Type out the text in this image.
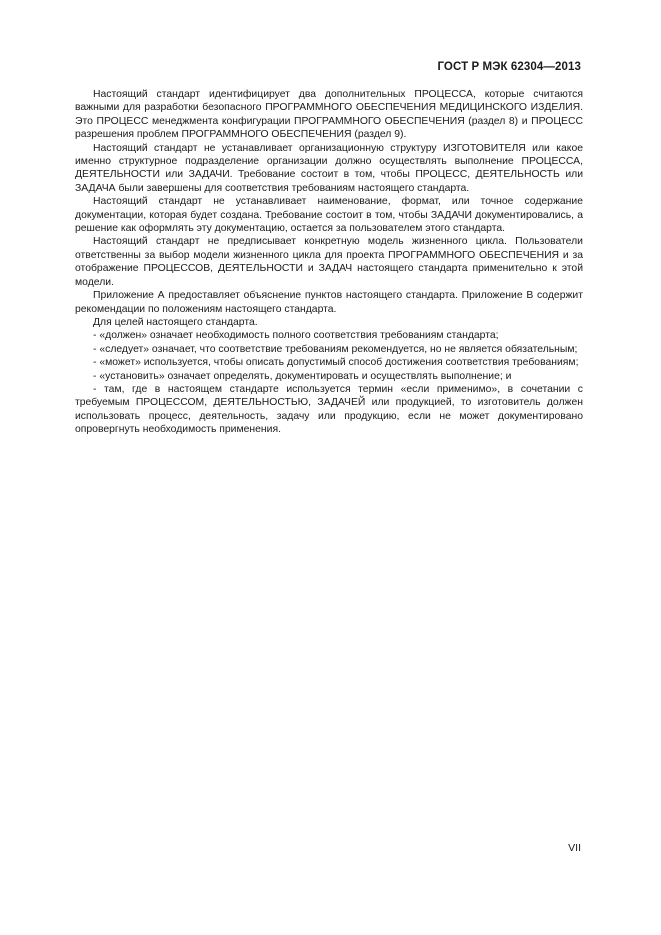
ГОСТ Р МЭК 62304—2013

Настоящий стандарт идентифицирует два дополнительных ПРОЦЕССА, которые считаются важными для разработки безопасного ПРОГРАММНОГО ОБЕСПЕЧЕНИЯ МЕДИЦИНСКОГО ИЗДЕЛИЯ. Это ПРОЦЕСС менеджмента конфигурации ПРОГРАММНОГО ОБЕСПЕЧЕНИЯ (раздел 8) и ПРОЦЕСС разрешения проблем ПРОГРАММНОГО ОБЕСПЕЧЕНИЯ (раздел 9).

Настоящий стандарт не устанавливает организационную структуру ИЗГОТОВИТЕЛЯ или какое именно структурное подразделение организации должно осуществлять выполнение ПРОЦЕССА, ДЕЯТЕЛЬНОСТИ или ЗАДАЧИ. Требование состоит в том, чтобы ПРОЦЕСС, ДЕЯТЕЛЬНОСТЬ или ЗАДАЧА были завершены для соответствия требованиям настоящего стандарта.

Настоящий стандарт не устанавливает наименование, формат, или точное содержание документации, которая будет создана. Требование состоит в том, чтобы ЗАДАЧИ документировались, а решение как оформлять эту документацию, остается за пользователем этого стандарта.

Настоящий стандарт не предписывает конкретную модель жизненного цикла. Пользователи ответственны за выбор модели жизненного цикла для проекта ПРОГРАММНОГО ОБЕСПЕЧЕНИЯ и за отображение ПРОЦЕССОВ, ДЕЯТЕЛЬНОСТИ и ЗАДАЧ настоящего стандарта применительно к этой модели.

Приложение А предоставляет объяснение пунктов настоящего стандарта. Приложение В содержит рекомендации по положениям настоящего стандарта.

Для целей настоящего стандарта.

- «должен» означает необходимость полного соответствия требованиям стандарта;

- «следует» означает, что соответствие требованиям рекомендуется, но не является обязательным;

- «может» используется, чтобы описать допустимый способ достижения соответствия требованиям;

- «установить» означает определять, документировать и осуществлять выполнение; и

- там, где в настоящем стандарте используется термин «если применимо», в сочетании с требуемым ПРОЦЕССОМ, ДЕЯТЕЛЬНОСТЬЮ, ЗАДАЧЕЙ или продукцией, то изготовитель должен использовать процесс, деятельность, задачу или продукцию, если не может документировано опровергнуть необходимость применения.

VII
